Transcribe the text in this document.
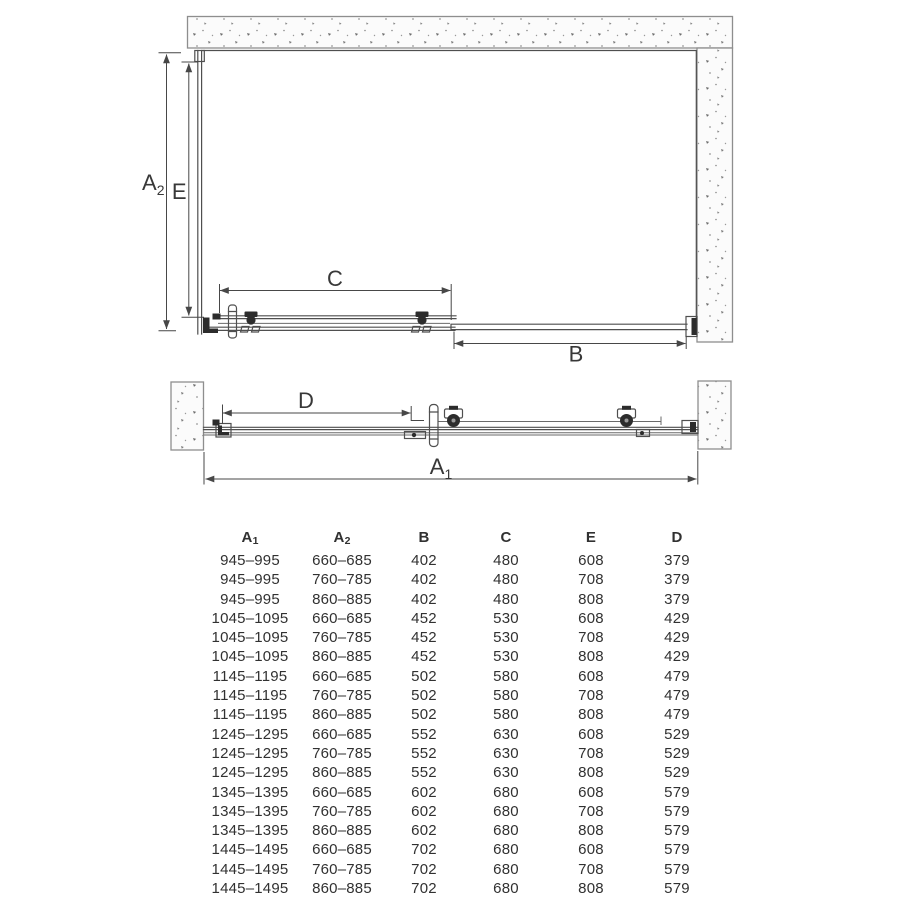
$A_2$ E
C
B
D
$A_1$
A1	A2	B	C	E	D
945–995	660–685	402	480	608	379
945–995	760–785	402	480	708	379
945–995	860–885	402	480	808	379
1045–1095	660–685	452	530	608	429
1045–1095	760–785	452	530	708	429
1045–1095	860–885	452	530	808	429
1145–1195	660–685	502	580	608	479
1145–1195	760–785	502	580	708	479
1145–1195	860–885	502	580	808	479
1245–1295	660–685	552	630	608	529
1245–1295	760–785	552	630	708	529
1245–1295	860–885	552	630	808	529
1345–1395	660–685	602	680	608	579
1345–1395	760–785	602	680	708	579
1345–1395	860–885	602	680	808	579
1445–1495	660–685	702	680	608	579
1445–1495	760–785	702	680	708	579
1445–1495	860–885	702	680	808	579
